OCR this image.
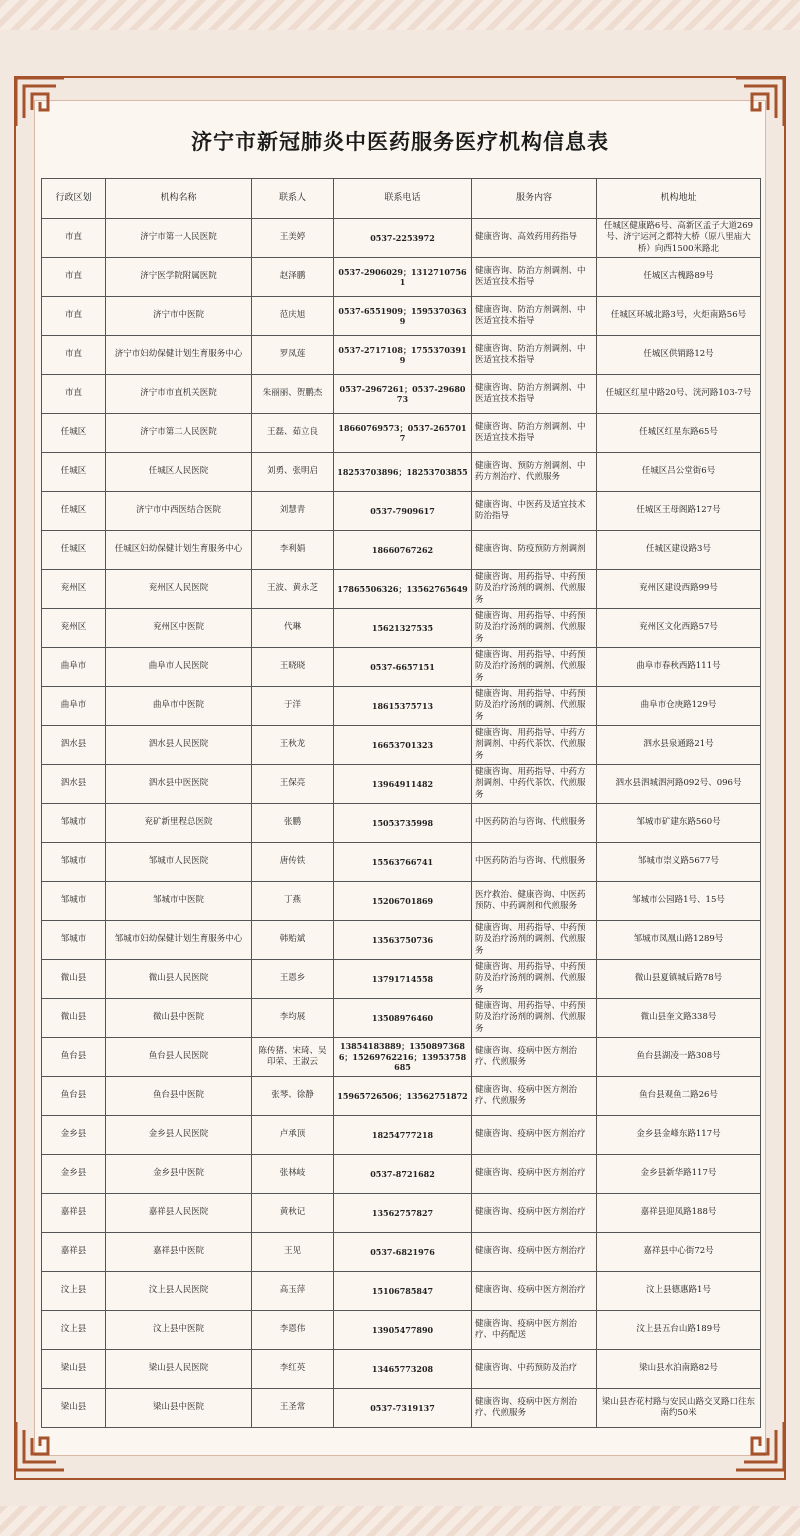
济宁市新冠肺炎中医药服务医疗机构信息表
行政区划	机构名称	联系人	联系电话	服务内容	机构地址
市直	济宁市第一人民医院	王美婷	0537-2253972	健康咨询、高效药用药指导	任城区健康路6号、高新区孟子大道269号、济宁运河之都特大桥（原八里庙大桥）向西1500米路北
市直	济宁医学院附属医院	赵泽鹏	0537-2906029；13127107561	健康咨询、防治方剂调剂、中医适宜技术指导	任城区古槐路89号
市直	济宁市中医院	范庆旭	0537-6551909；15953703639	健康咨询、防治方剂调剂、中医适宜技术指导	任城区环城北路3号，火炬南路56号
市直	济宁市妇幼保健计划生育服务中心	罗凤莲	0537-2717108；17553703919	健康咨询、防治方剂调剂、中医适宜技术指导	任城区供销路12号
市直	济宁市市直机关医院	朱丽丽、贺鹏杰	0537-2967261；0537-2968073	健康咨询、防治方剂调剂、中医适宜技术指导	任城区红星中路20号、洸河路103-7号
任城区	济宁市第二人民医院	王磊、茹立良	18660769573；0537-2657017	健康咨询、防治方剂调剂、中医适宜技术指导	任城区红星东路65号
任城区	任城区人民医院	刘勇、张明启	18253703896；18253703855	健康咨询、预防方剂调剂、中药方剂治疗、代煎服务	任城区吕公堂街6号
任城区	济宁市中西医结合医院	刘慧青	0537-7909617	健康咨询、中医药及适宜技术防治指导	任城区王母阁路127号
任城区	任城区妇幼保健计划生育服务中心	李利娟	18660767262	健康咨询、防疫预防方剂调剂	任城区建设路3号
兖州区	兖州区人民医院	王波、黄永芝	17865506326；13562765649	健康咨询、用药指导、中药预防及治疗汤剂的调剂、代煎服务	兖州区建设西路99号
兖州区	兖州区中医院	代琳	15621327535	健康咨询、用药指导、中药预防及治疗汤剂的调剂、代煎服务	兖州区文化西路57号
曲阜市	曲阜市人民医院	王晓晓	0537-6657151	健康咨询、用药指导、中药预防及治疗汤剂的调剂、代煎服务	曲阜市春秋西路111号
曲阜市	曲阜市中医院	于洋	18615375713	健康咨询、用药指导、中药预防及治疗汤剂的调剂、代煎服务	曲阜市仓庚路129号
泗水县	泗水县人民医院	王秋龙	16653701323	健康咨询、用药指导、中药方剂调剂、中药代茶饮、代煎服务	泗水县泉通路21号
泗水县	泗水县中医医院	王保亮	13964911482	健康咨询、用药指导、中药方剂调剂、中药代茶饮、代煎服务	泗水县泗城泗河路092号、096号
邹城市	兖矿新里程总医院	张鹏	15053735998	中医药防治与咨询、代煎服务	邹城市矿建东路560号
邹城市	邹城市人民医院	唐传铁	15563766741	中医药防治与咨询、代煎服务	邹城市崇义路5677号
邹城市	邹城市中医院	丁燕	15206701869	医疗救治、健康咨询、中医药预防、中药调剂和代煎服务	邹城市公园路1号、15号
邹城市	邹城市妇幼保健计划生育服务中心	韩贻斌	13563750736	健康咨询、用药指导、中药预防及治疗汤剂的调剂、代煎服务	邹城市凤凰山路1289号
微山县	微山县人民医院	王恩乡	13791714558	健康咨询、用药指导、中药预防及治疗汤剂的调剂、代煎服务	微山县夏镇城后路78号
微山县	微山县中医院	李均展	13508976460	健康咨询、用药指导、中药预防及治疗汤剂的调剂、代煎服务	微山县奎文路338号
鱼台县	鱼台县人民医院	陈传猪、宋琦、吴印荣、王淑云	13854183889；13508973686；15269762216；13953758685	健康咨询、疫病中医方剂治疗、代煎服务	鱼台县湖凌一路308号
鱼台县	鱼台县中医院	张琴、徐静	15965726506；13562751872	健康咨询、疫病中医方剂治疗、代煎服务	鱼台县观鱼二路26号
金乡县	金乡县人民医院	卢承顶	18254777218	健康咨询、疫病中医方剂治疗	金乡县金峰东路117号
金乡县	金乡县中医院	张林岐	0537-8721682	健康咨询、疫病中医方剂治疗	金乡县新华路117号
嘉祥县	嘉祥县人民医院	黄秋记	13562757827	健康咨询、疫病中医方剂治疗	嘉祥县迎凤路188号
嘉祥县	嘉祥县中医院	王见	0537-6821976	健康咨询、疫病中医方剂治疗	嘉祥县中心街72号
汶上县	汶上县人民医院	高玉萍	15106785847	健康咨询、疫病中医方剂治疗	汶上县德惠路1号
汶上县	汶上县中医院	李恩伟	13905477890	健康咨询、疫病中医方剂治疗、中药配送	汶上县五台山路189号
梁山县	梁山县人民医院	李红英	13465773208	健康咨询、中药预防及治疗	梁山县水泊南路82号
梁山县	梁山县中医院	王圣常	0537-7319137	健康咨询、疫病中医方剂治疗、代煎服务	梁山县杏花村路与安民山路交叉路口往东南约50米
